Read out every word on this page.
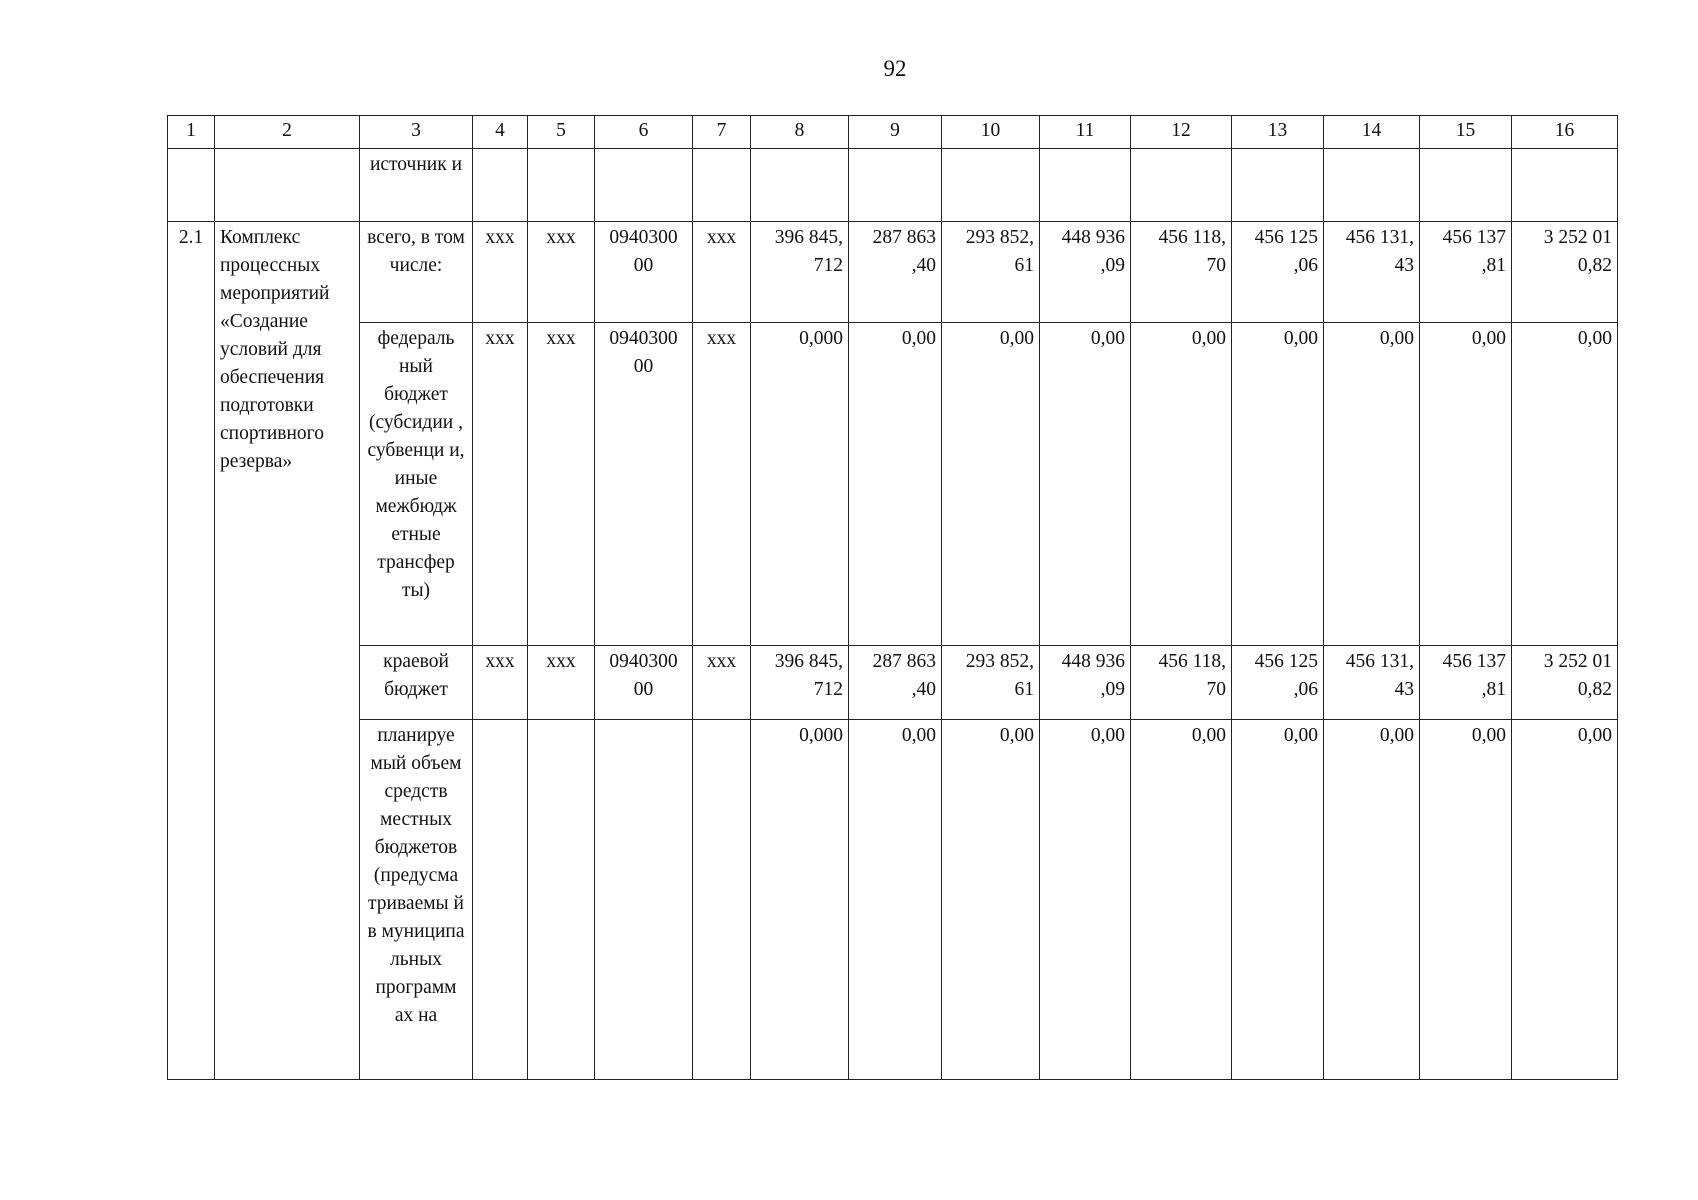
92
1	2	3	4	5	6	7	8	9	10	11	12	13	14	15	16
		источник и													
2.1	Комплекс процессных мероприятий «Создание условий для обеспечения подготовки спортивного резерва»	всего, в том числе:	ххх	ххх	0940300 00	ххх	396 845, 712	287 863 ,40	293 852, 61	448 936 ,09	456 118, 70	456 125 ,06	456 131, 43	456 137 ,81	3 252 01 0,82
		федераль ный бюджет (субсидии , субвенци и, иные межбюдж етные трансфер ты)	ххх	ххх	0940300 00	ххх	0,000	0,00	0,00	0,00	0,00	0,00	0,00	0,00	0,00
		краевой бюджет	ххх	ххх	0940300 00	ххх	396 845, 712	287 863 ,40	293 852, 61	448 936 ,09	456 118, 70	456 125 ,06	456 131, 43	456 137 ,81	3 252 01 0,82
		планируе мый объем средств местных бюджетов (предусма триваемы й в муниципа льных программ ах на					0,000	0,00	0,00	0,00	0,00	0,00	0,00	0,00	0,00
